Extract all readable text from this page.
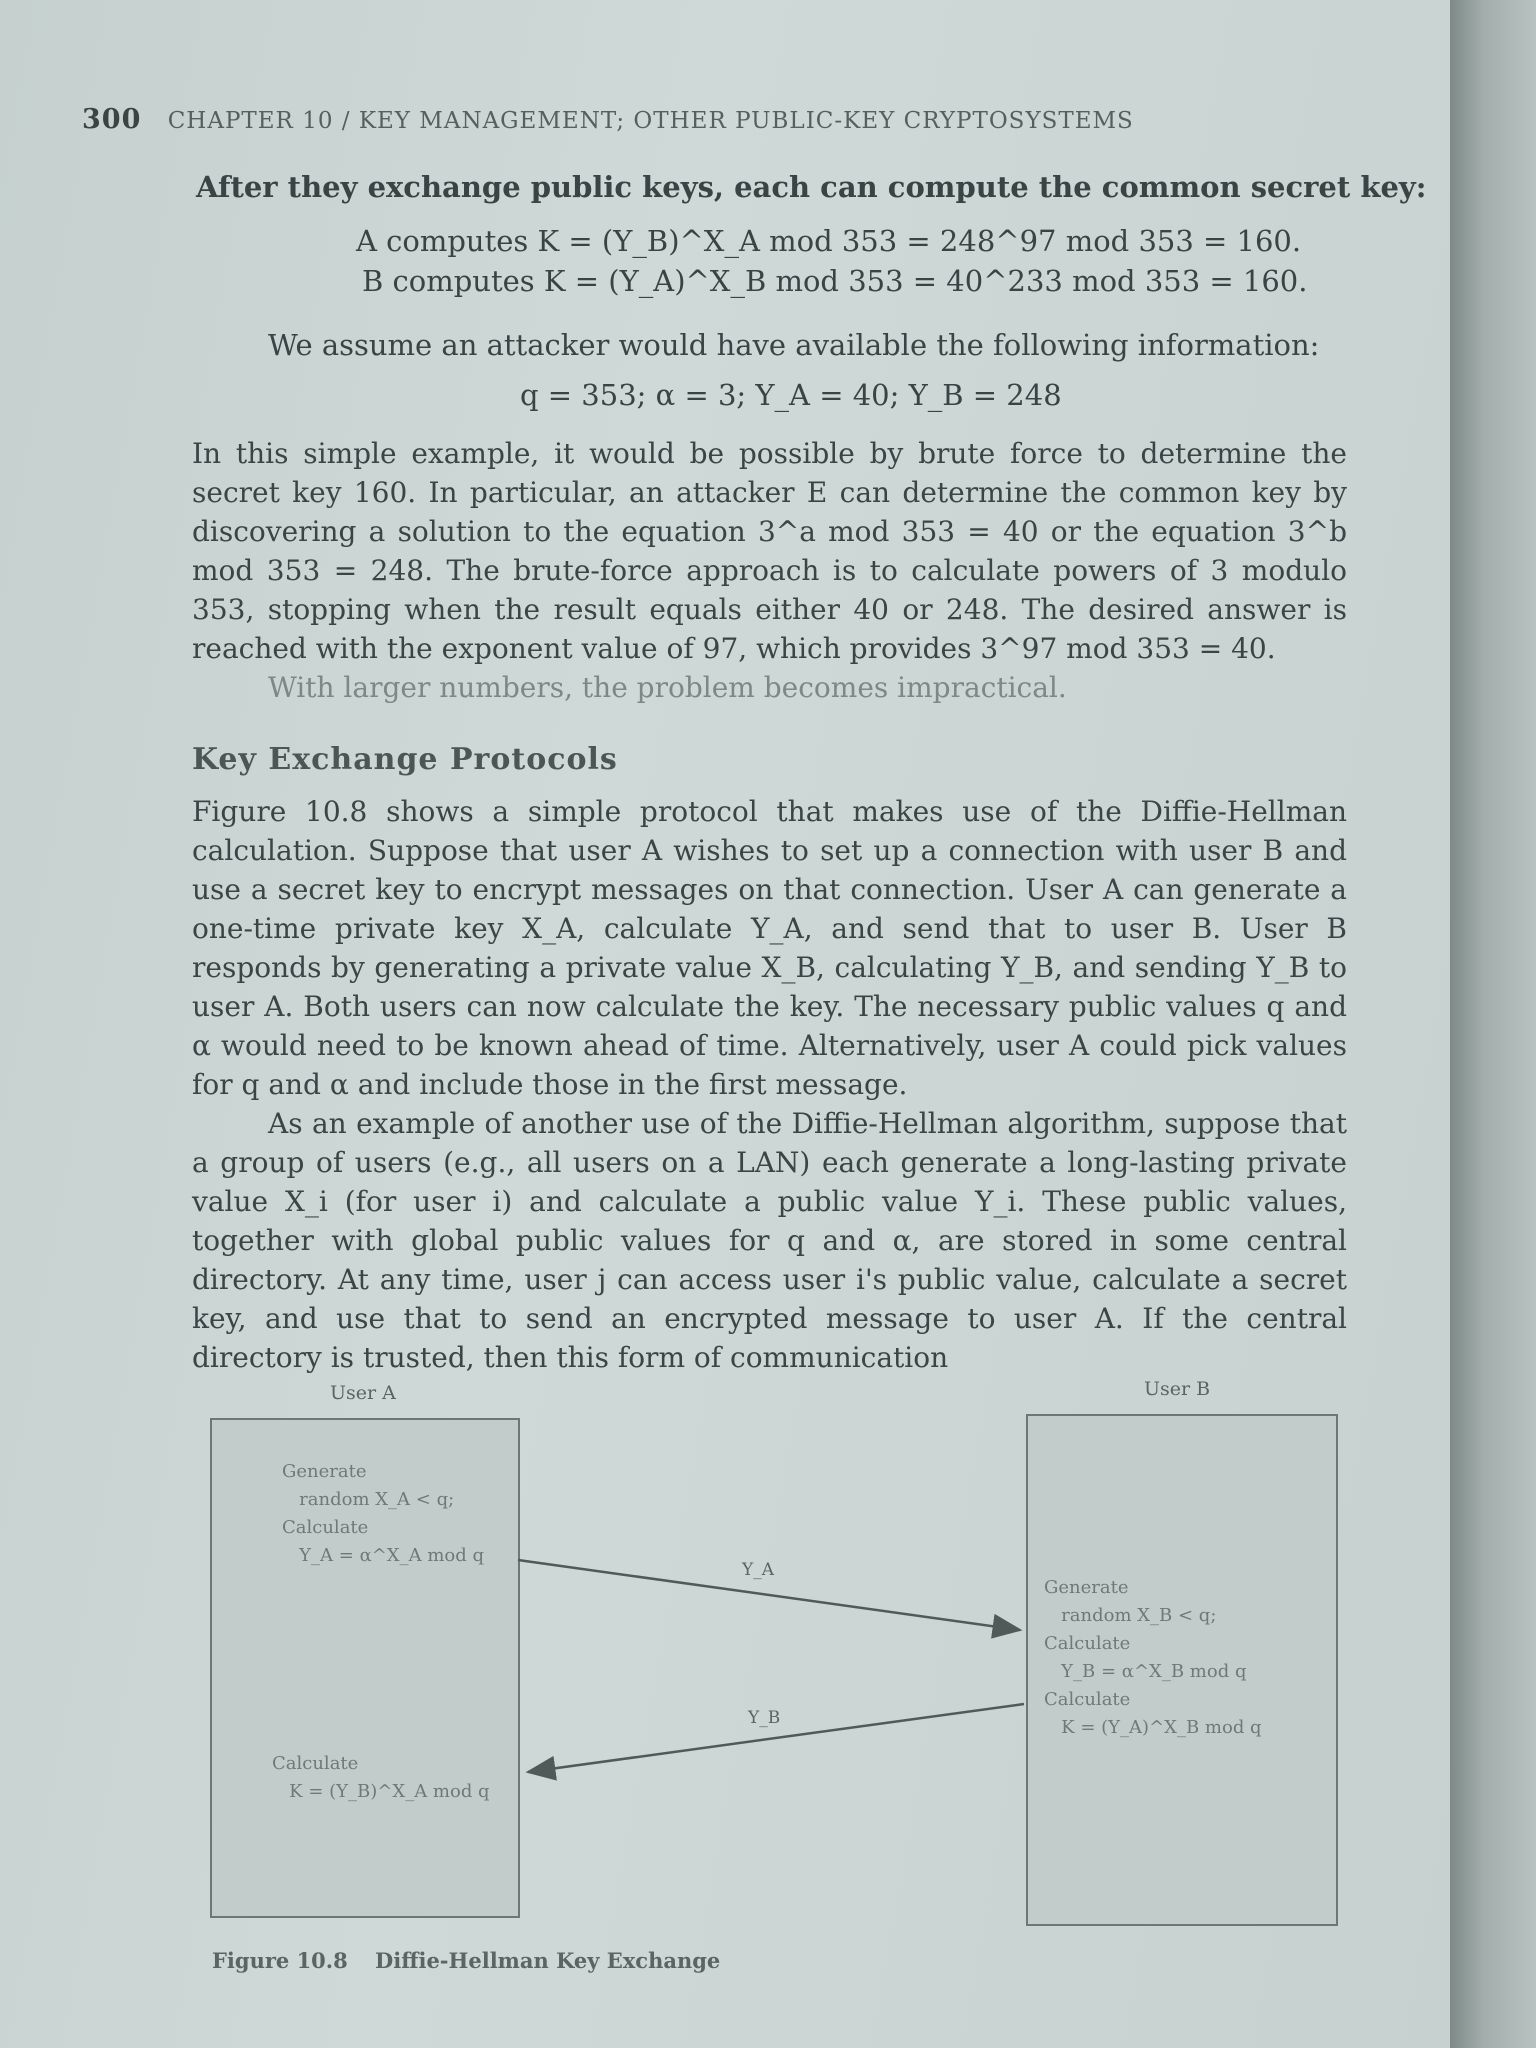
300 CHAPTER 10 / KEY MANAGEMENT; OTHER PUBLIC-KEY CRYPTOSYSTEMS
After they exchange public keys, each can compute the common secret key:
A computes K = (Y_B)^X_A mod 353 = 248^97 mod 353 = 160.
B computes K = (Y_A)^X_B mod 353 = 40^233 mod 353 = 160.
We assume an attacker would have available the following information:
q = 353; α = 3; Y_A = 40; Y_B = 248

In this simple example, it would be possible by brute force to determine the secret key 160. In particular, an attacker E can determine the common key by discovering a solution to the equation 3^a mod 353 = 40 or the equation 3^b mod 353 = 248. The brute-force approach is to calculate powers of 3 modulo 353, stopping when the result equals either 40 or 248. The desired answer is reached with the exponent value of 97, which provides 3^97 mod 353 = 40.

With larger numbers, the problem becomes impractical.

Key Exchange Protocols

Figure 10.8 shows a simple protocol that makes use of the Diffie-Hellman calculation. Suppose that user A wishes to set up a connection with user B and use a secret key to encrypt messages on that connection. User A can generate a one-time private key X_A, calculate Y_A, and send that to user B. User B responds by generating a private value X_B, calculating Y_B, and sending Y_B to user A. Both users can now calculate the key. The necessary public values q and α would need to be known ahead of time. Alternatively, user A could pick values for q and α and include those in the first message.

As an example of another use of the Diffie-Hellman algorithm, suppose that a group of users (e.g., all users on a LAN) each generate a long-lasting private value X_i (for user i) and calculate a public value Y_i. These public values, together with global public values for q and α, are stored in some central directory. At any time, user j can access user i's public value, calculate a secret key, and use that to send an encrypted message to user A. If the central directory is trusted, then this form of communication

User A	User B
Generate
random X_A < q;
Calculate
Y_A = α^X_A mod q
Calculate
K = (Y_B)^X_A mod q
Generate
random X_B < q;
Calculate
Y_B = α^X_B mod q
Calculate
K = (Y_A)^X_B mod q
Y_A
Y_B
Figure 10.8 Diffie-Hellman Key Exchange
